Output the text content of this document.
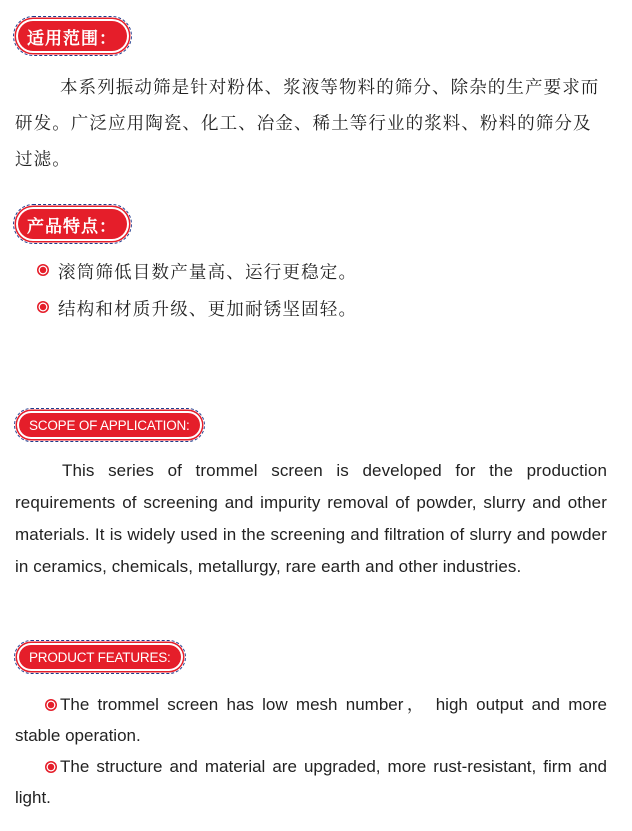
适用范围：

本系列振动筛是针对粉体、浆液等物料的筛分、除杂的生产要求而研发。广泛应用陶瓷、化工、冶金、稀土等行业的浆料、粉料的筛分及过滤。

产品特点：
滚筒筛低目数产量高、运行更稳定。
结构和材质升级、更加耐锈坚固轻。
SCOPE OF APPLICATION:

This series of trommel screen is developed for the production requirements of screening and impurity removal of powder, slurry and other materials. It is widely used in the screening and filtration of slurry and powder in ceramics, chemicals, metallurgy, rare earth and other industries.

PRODUCT FEATURES:

The trommel screen has low mesh number， high output and more stable operation.

The structure and material are upgraded, more rust-resistant, firm and light.
